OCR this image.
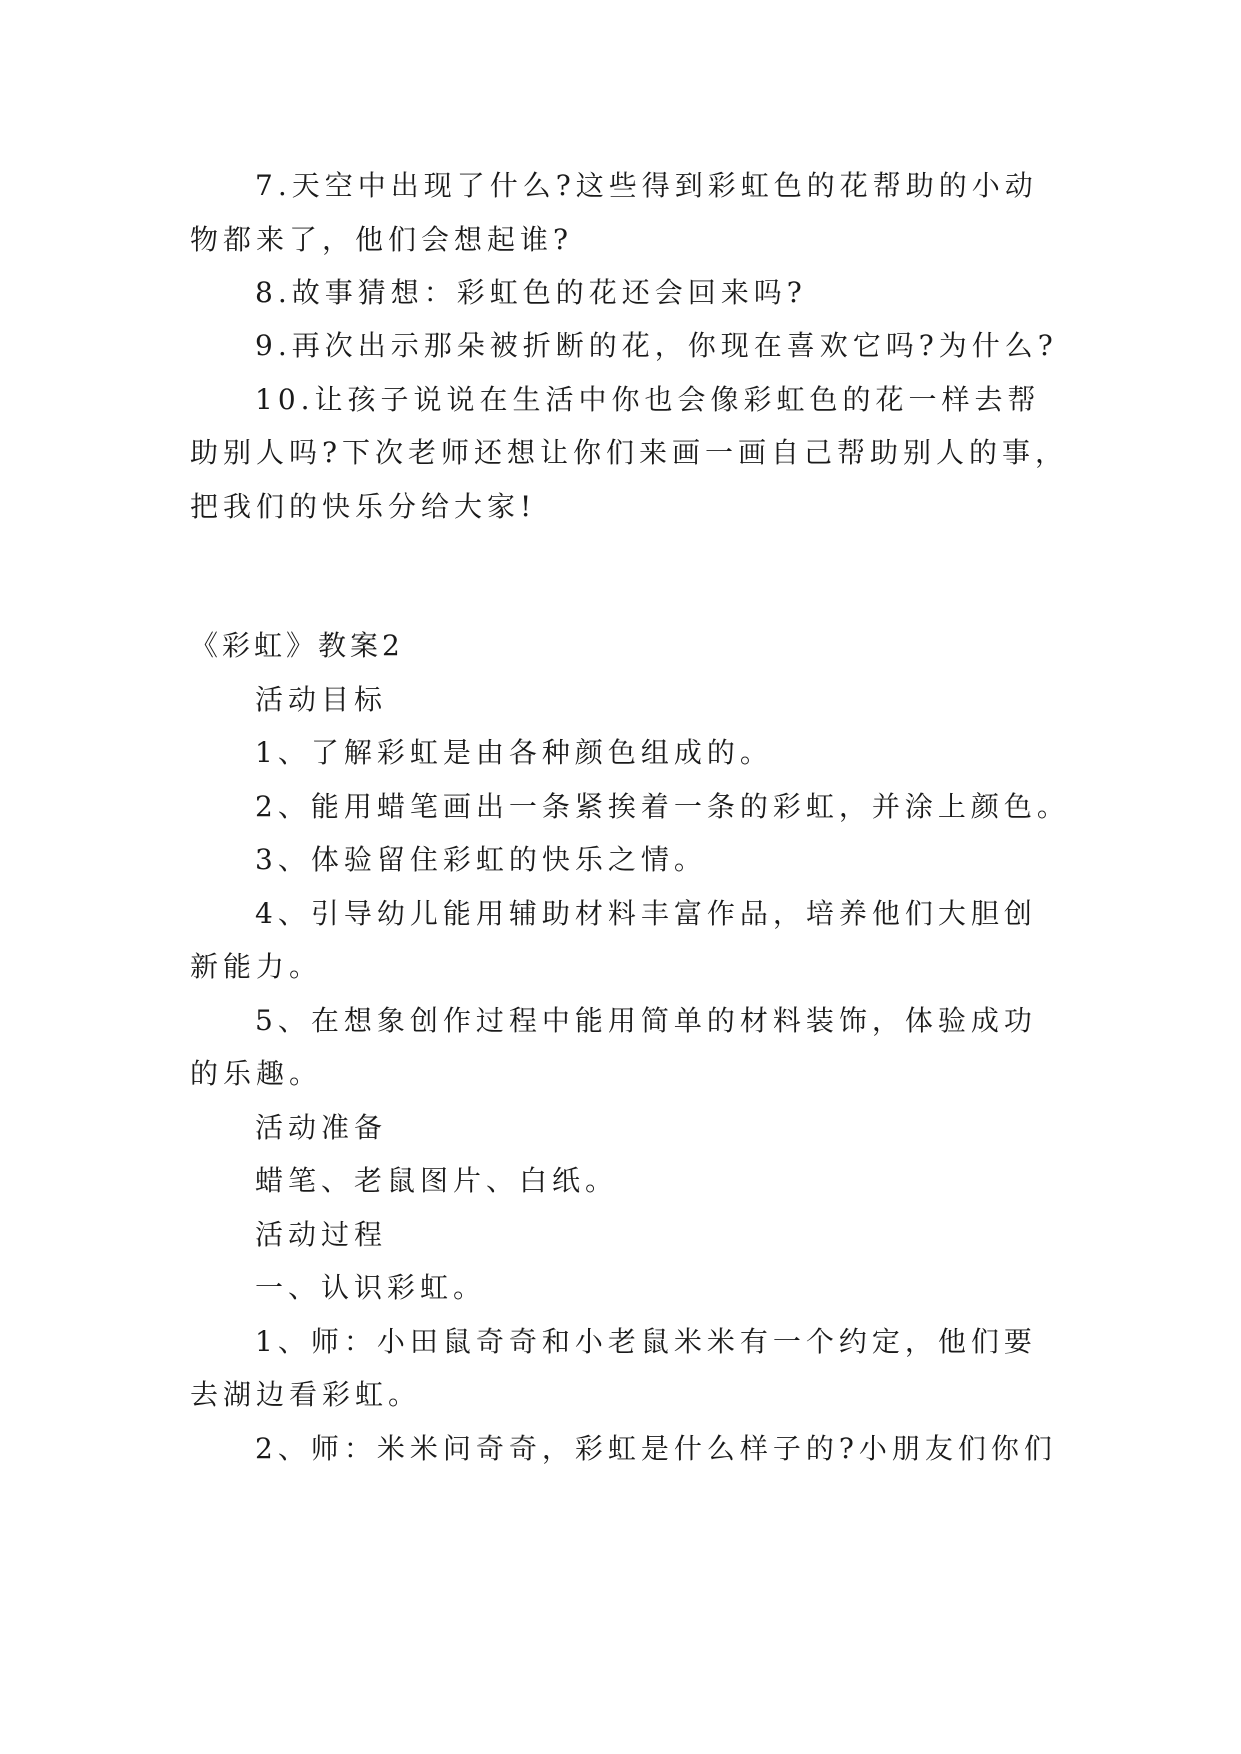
7.天空中出现了什么?这些得到彩虹色的花帮助的小动
物都来了，他们会想起谁?
8.故事猜想：彩虹色的花还会回来吗?
9.再次出示那朵被折断的花，你现在喜欢它吗?为什么?
10.让孩子说说在生活中你也会像彩虹色的花一样去帮
助别人吗?下次老师还想让你们来画一画自己帮助别人的事，
把我们的快乐分给大家!
《彩虹》教案2
活动目标
1、了解彩虹是由各种颜色组成的。
2、能用蜡笔画出一条紧挨着一条的彩虹，并涂上颜色。
3、体验留住彩虹的快乐之情。
4、引导幼儿能用辅助材料丰富作品，培养他们大胆创
新能力。
5、在想象创作过程中能用简单的材料装饰，体验成功
的乐趣。
活动准备
蜡笔、老鼠图片、白纸。
活动过程
一、认识彩虹。
1、师：小田鼠奇奇和小老鼠米米有一个约定，他们要
去湖边看彩虹。
2、师：米米问奇奇，彩虹是什么样子的?小朋友们你们
